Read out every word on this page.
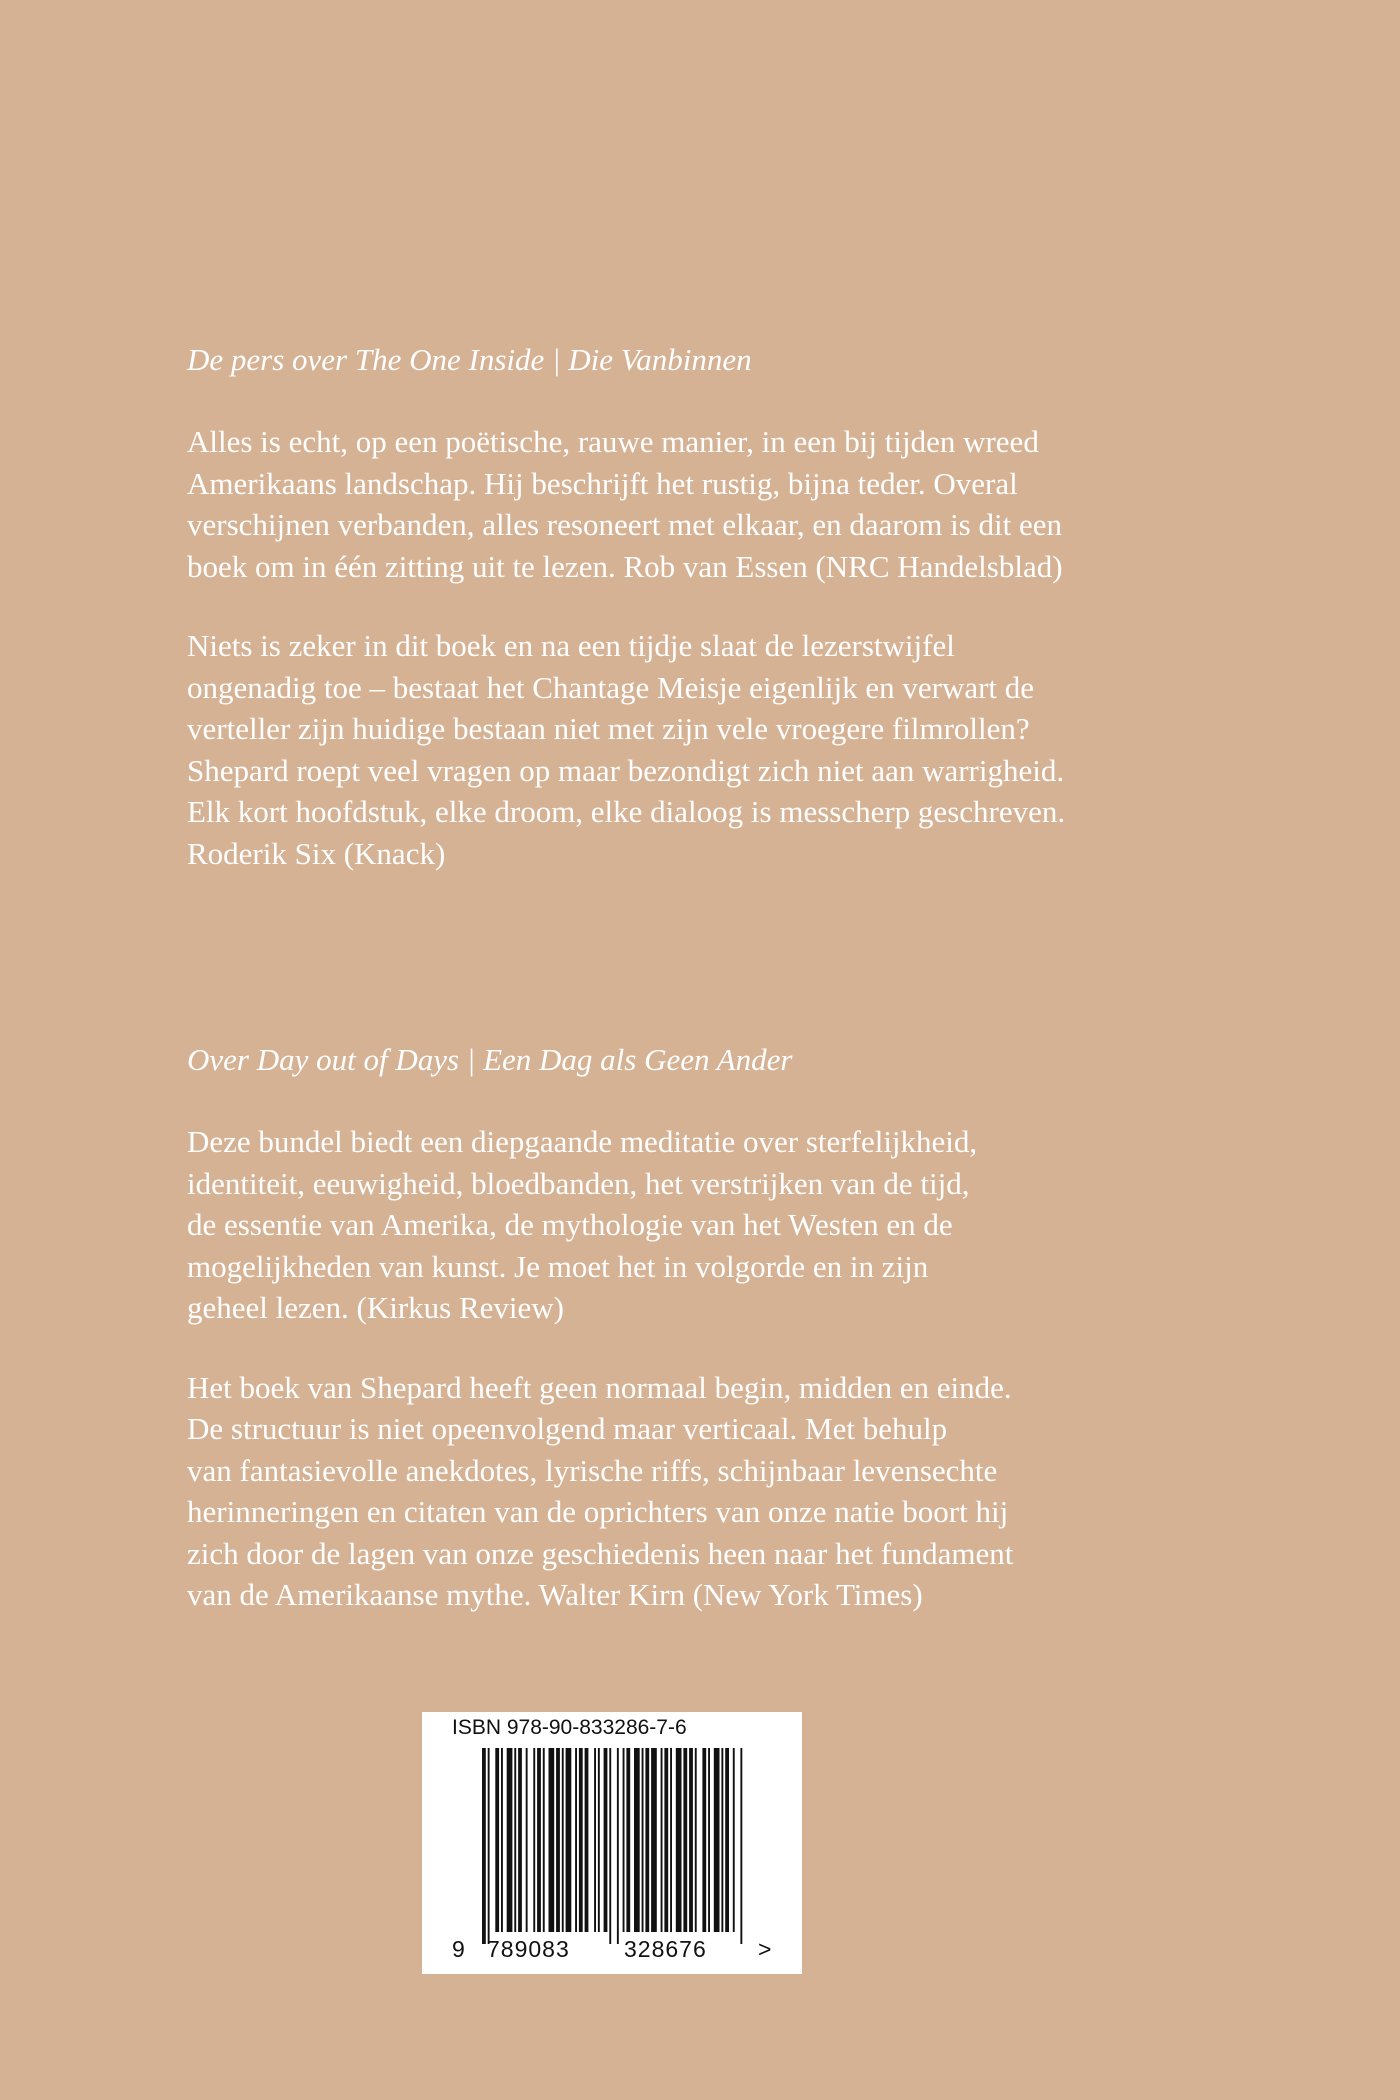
De pers over The One Inside | Die Vanbinnen

Alles is echt, op een poëtische, rauwe manier, in een bij tijden wreed
Amerikaans landschap. Hij beschrijft het rustig, bijna teder. Overal
verschijnen verbanden, alles resoneert met elkaar, en daarom is dit een
boek om in één zitting uit te lezen. Rob van Essen (NRC Handelsblad)

Niets is zeker in dit boek en na een tijdje slaat de lezerstwijfel
ongenadig toe – bestaat het Chantage Meisje eigenlijk en verwart de
verteller zijn huidige bestaan niet met zijn vele vroegere filmrollen?
Shepard roept veel vragen op maar bezondigt zich niet aan warrigheid.
Elk kort hoofdstuk, elke droom, elke dialoog is messcherp geschreven.
Roderik Six (Knack)

Over Day out of Days | Een Dag als Geen Ander

Deze bundel biedt een diepgaande meditatie over sterfelijkheid,
identiteit, eeuwigheid, bloedbanden, het verstrijken van de tijd,
de essentie van Amerika, de mythologie van het Westen en de
mogelijkheden van kunst. Je moet het in volgorde en in zijn
geheel lezen. (Kirkus Review)

Het boek van Shepard heeft geen normaal begin, midden en einde.
De structuur is niet opeenvolgend maar verticaal. Met behulp
van fantasievolle anekdotes, lyrische riffs, schijnbaar levensechte
herinneringen en citaten van de oprichters van onze natie boort hij
zich door de lagen van onze geschiedenis heen naar het fundament
van de Amerikaanse mythe. Walter Kirn (New York Times)

ISBN 978-90-833286-7-6
9 789083 328676 >
